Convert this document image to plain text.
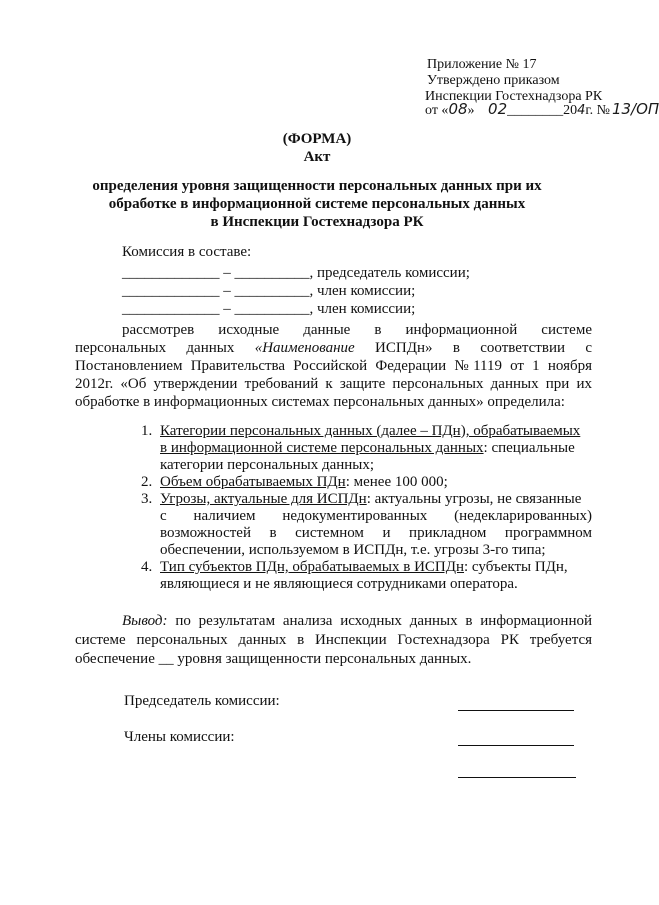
Приложение № 17
Утверждено приказом
Инспекции Гостехнадзора РК
от «08» 02________204г. № 13/ОП
(ФОРМА)
Акт
определения уровня защищенности персональных данных при их
обработке в информационной системе персональных данных
в Инспекции Гостехнадзора РК
Комиссия в составе:
_____________ – __________, председатель комиссии;
_____________ – __________, член комиссии;
_____________ – __________, член комиссии;
рассмотрев исходные данные в информационной системе
персональных данных «Наименование ИСПДн» в соответствии с
Постановлением Правительства Российской Федерации №1119 от 1 ноября
2012г. «Об утверждении требований к защите персональных данных при их
обработке в информационных системах персональных данных» определила:
1. Категории персональных данных (далее – ПДн), обрабатываемых
в информационной системе персональных данных: специальные
категории персональных данных;
2. Объем обрабатываемых ПДн: менее 100 000;
3. Угрозы, актуальные для ИСПДн: актуальны угрозы, не связанные
с наличием недокументированных (недекларированных)
возможностей в системном и прикладном программном
обеспечении, используемом в ИСПДн, т.е. угрозы 3-го типа;
4. Тип субъектов ПДн, обрабатываемых в ИСПДн: субъекты ПДн,
являющиеся и не являющиеся сотрудниками оператора.
Вывод: по результатам анализа исходных данных в информационной
системе персональных данных в Инспекции Гостехнадзора РК требуется
обеспечение __ уровня защищенности персональных данных.
Председатель комиссии:
Члены комиссии:
